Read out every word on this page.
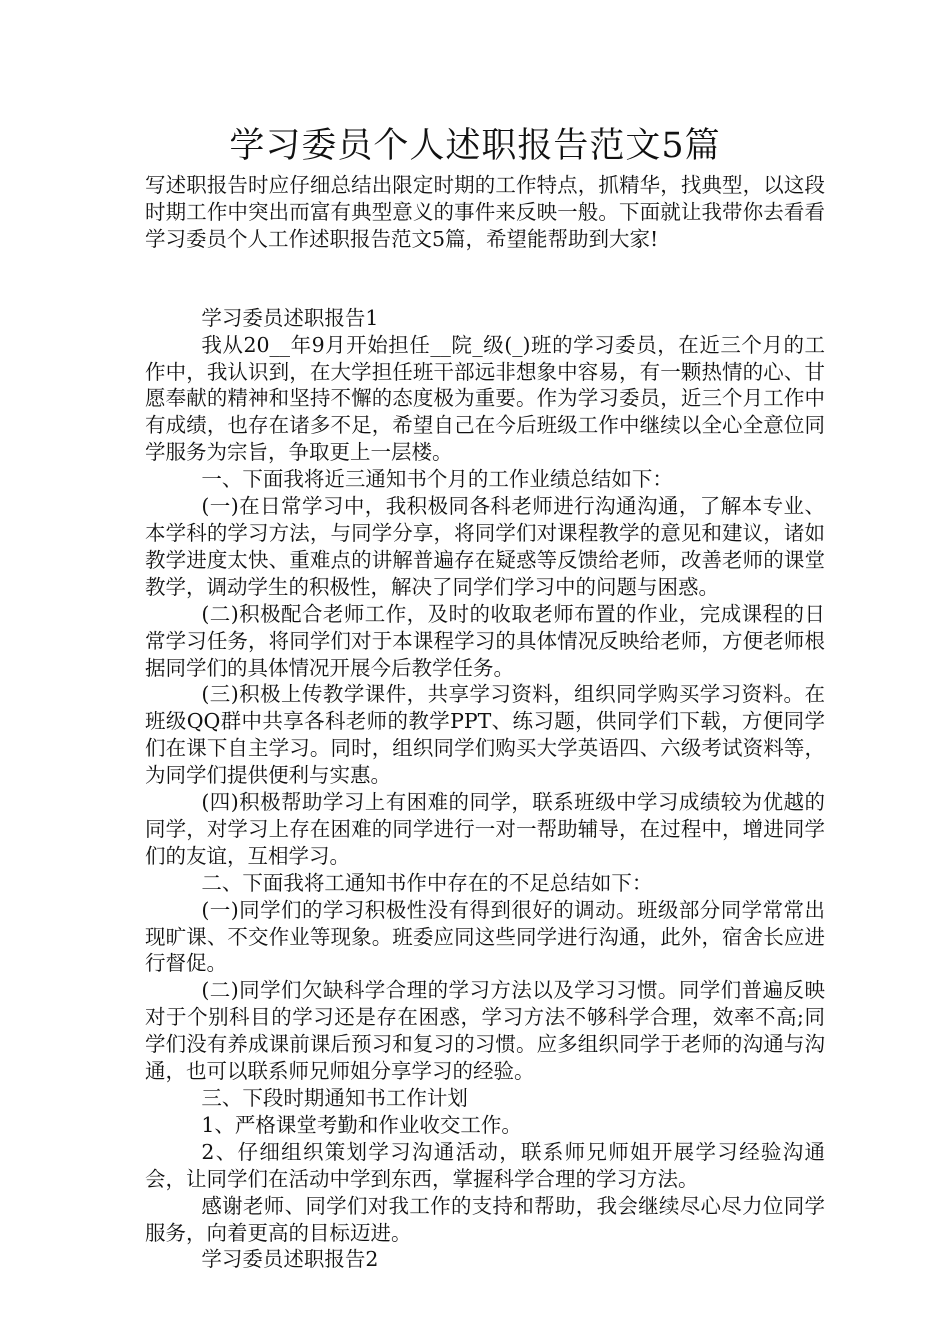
学习委员个人述职报告范文5篇

写述职报告时应仔细总结出限定时期的工作特点，抓精华，找典型，以这段时期工作中突出而富有典型意义的事件来反映一般。下面就让我带你去看看学习委员个人工作述职报告范文5篇，希望能帮助到大家!

学习委员述职报告1

我从20__年9月开始担任__院_级(_)班的学习委员，在近三个月的工作中，我认识到，在大学担任班干部远非想象中容易，有一颗热情的心、甘愿奉献的精神和坚持不懈的态度极为重要。作为学习委员，近三个月工作中有成绩，也存在诸多不足，希望自己在今后班级工作中继续以全心全意位同学服务为宗旨，争取更上一层楼。

一、下面我将近三通知书个月的工作业绩总结如下：

(一)在日常学习中，我积极同各科老师进行沟通沟通，了解本专业、本学科的学习方法，与同学分享，将同学们对课程教学的意见和建议，诸如教学进度太快、重难点的讲解普遍存在疑惑等反馈给老师，改善老师的课堂教学，调动学生的积极性，解决了同学们学习中的问题与困惑。

(二)积极配合老师工作，及时的收取老师布置的作业，完成课程的日常学习任务，将同学们对于本课程学习的具体情况反映给老师，方便老师根据同学们的具体情况开展今后教学任务。

(三)积极上传教学课件，共享学习资料，组织同学购买学习资料。在班级QQ群中共享各科老师的教学PPT、练习题，供同学们下载，方便同学们在课下自主学习。同时，组织同学们购买大学英语四、六级考试资料等，为同学们提供便利与实惠。

(四)积极帮助学习上有困难的同学，联系班级中学习成绩较为优越的同学，对学习上存在困难的同学进行一对一帮助辅导，在过程中，增进同学们的友谊，互相学习。

二、下面我将工通知书作中存在的不足总结如下：

(一)同学们的学习积极性没有得到很好的调动。班级部分同学常常出现旷课、不交作业等现象。班委应同这些同学进行沟通，此外，宿舍长应进行督促。

(二)同学们欠缺科学合理的学习方法以及学习习惯。同学们普遍反映对于个别科目的学习还是存在困惑，学习方法不够科学合理，效率不高;同学们没有养成课前课后预习和复习的习惯。应多组织同学于老师的沟通与沟通，也可以联系师兄师姐分享学习的经验。

三、下段时期通知书工作计划

1、严格课堂考勤和作业收交工作。

2、仔细组织策划学习沟通活动，联系师兄师姐开展学习经验沟通会，让同学们在活动中学到东西，掌握科学合理的学习方法。

感谢老师、同学们对我工作的支持和帮助，我会继续尽心尽力位同学服务，向着更高的目标迈进。

学习委员述职报告2
